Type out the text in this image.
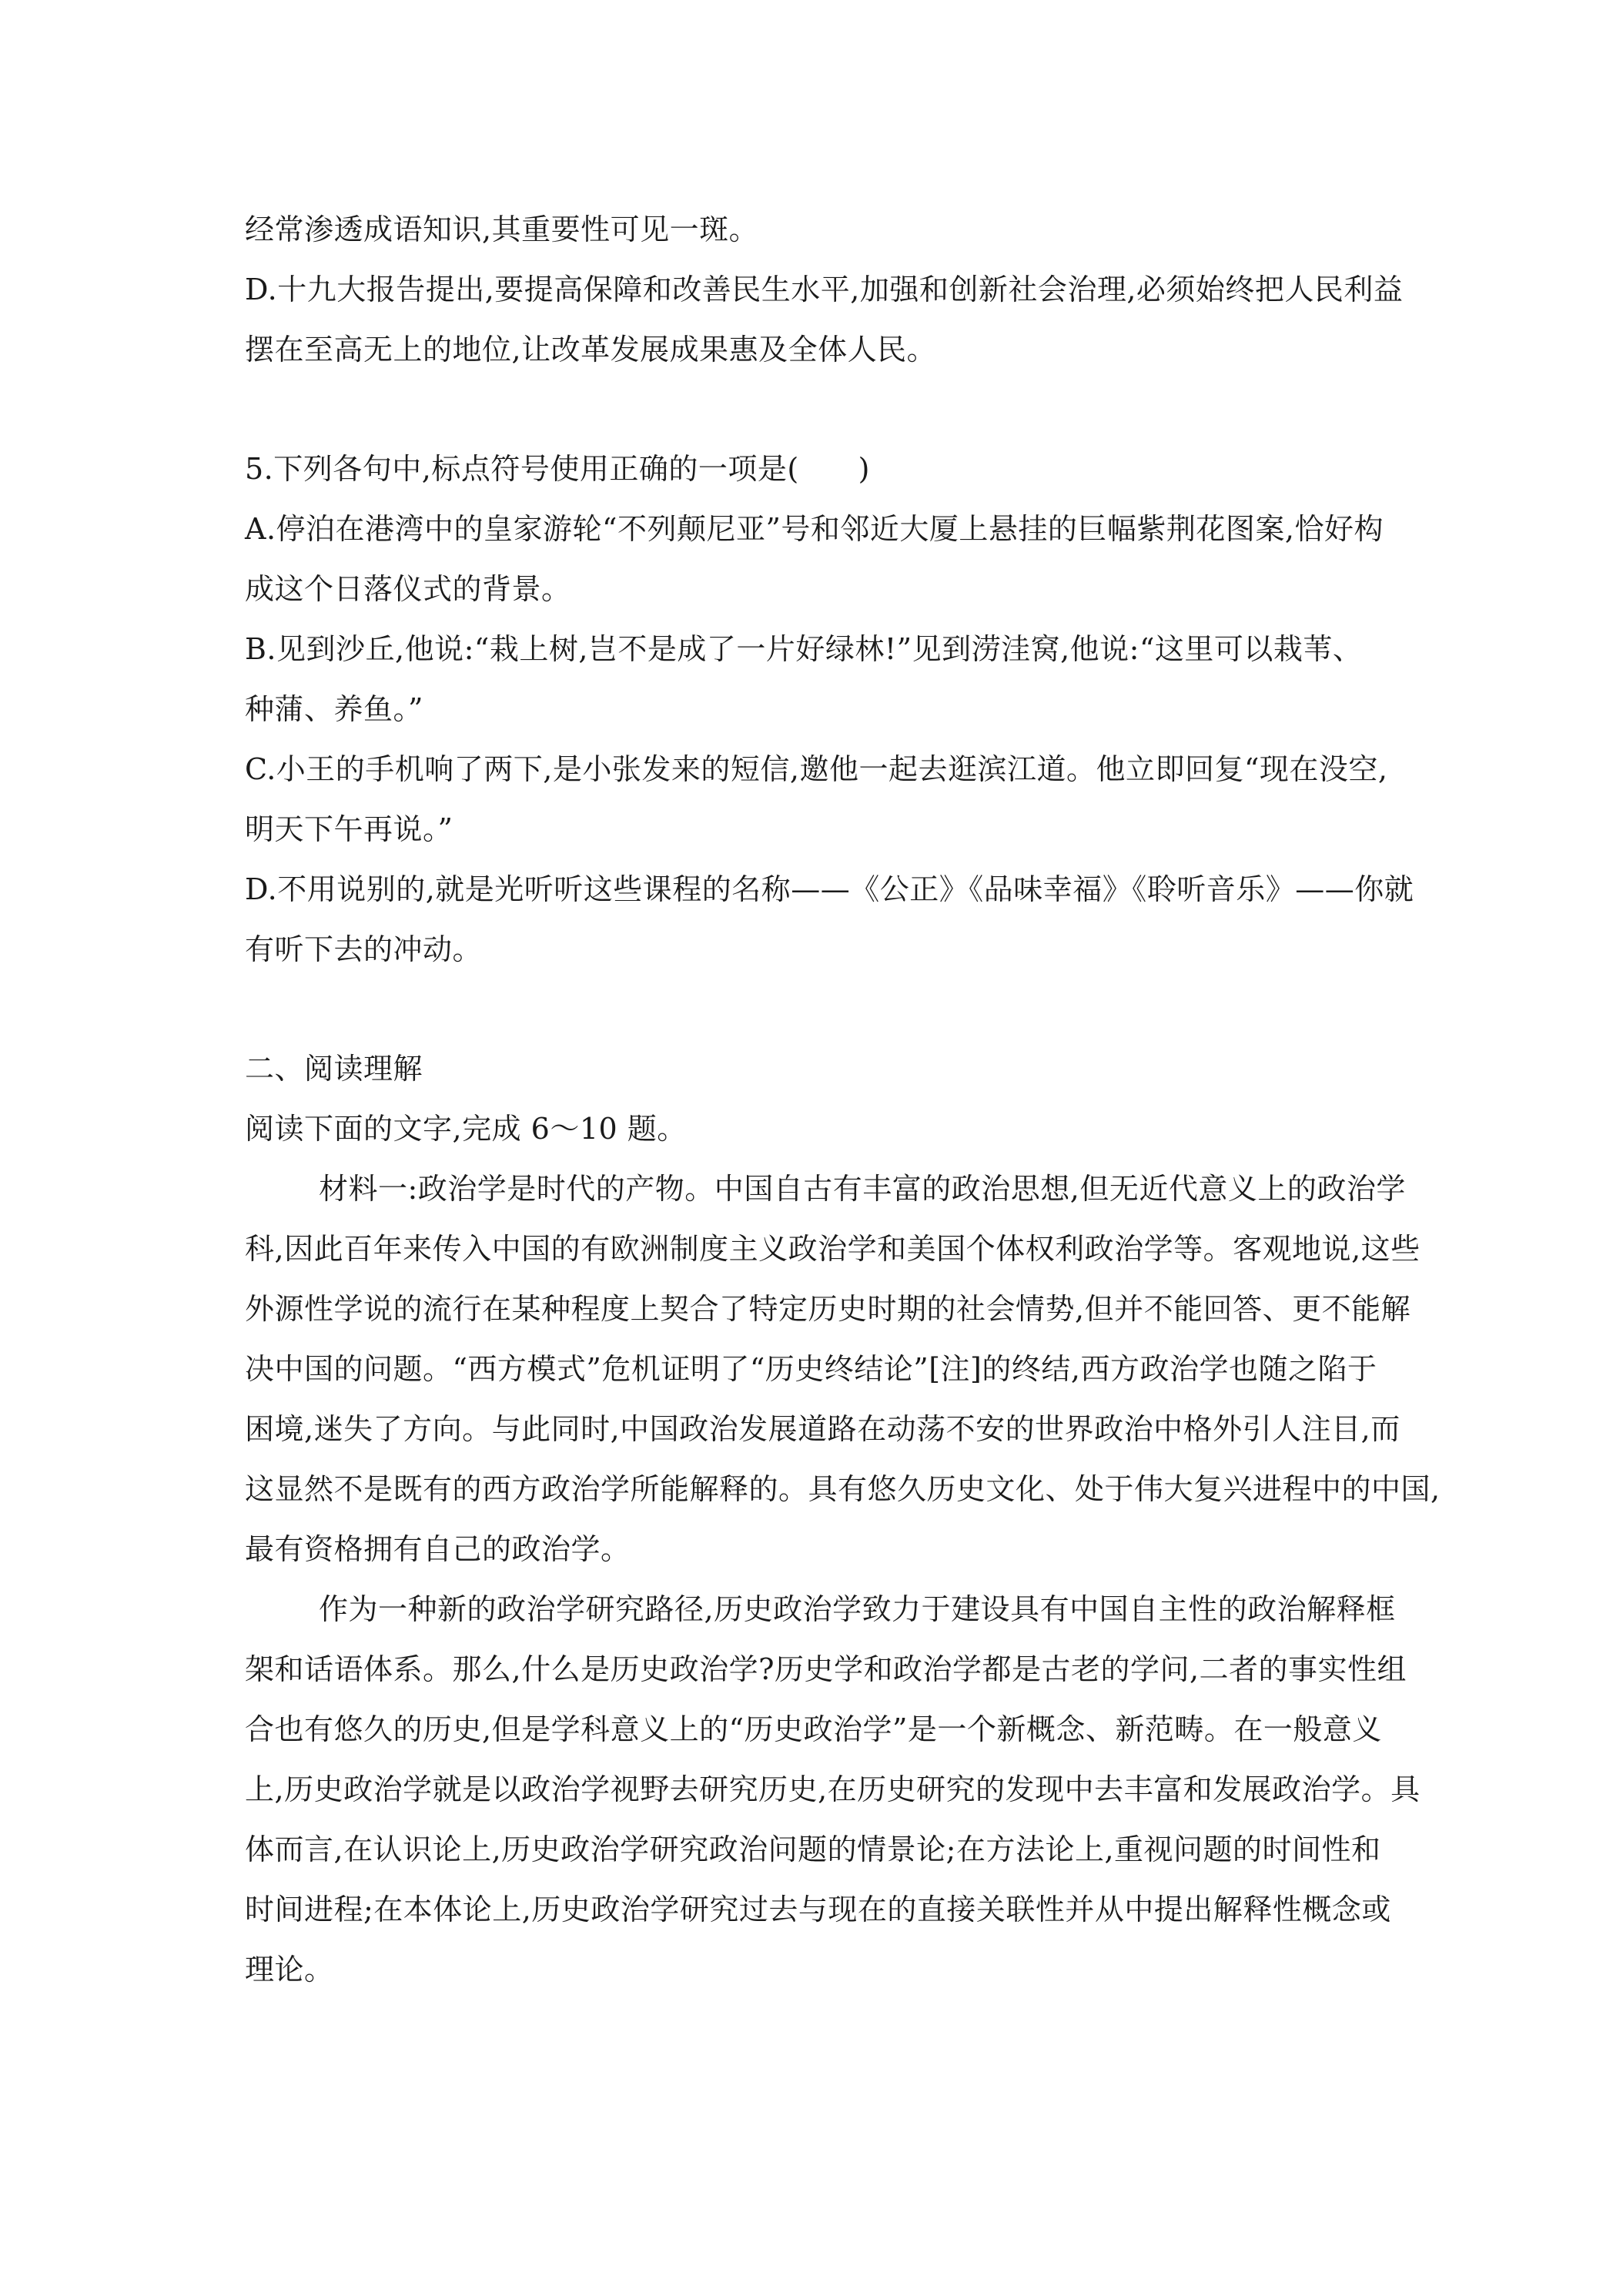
经常渗透成语知识,其重要性可见一斑。
D.十九大报告提出,要提高保障和改善民生水平,加强和创新社会治理,必须始终把人民利益
摆在至高无上的地位,让改革发展成果惠及全体人民。
5.下列各句中,标点符号使用正确的一项是(　　)
A.停泊在港湾中的皇家游轮“不列颠尼亚”号和邻近大厦上悬挂的巨幅紫荆花图案,恰好构
成这个日落仪式的背景。
B.见到沙丘,他说:“栽上树,岂不是成了一片好绿林!”见到涝洼窝,他说:“这里可以栽苇、
种蒲、养鱼。”
C.小王的手机响了两下,是小张发来的短信,邀他一起去逛滨江道。他立即回复“现在没空,
明天下午再说。”
D.不用说别的,就是光听听这些课程的名称——《公正》《品味幸福》《聆听音乐》——你就
有听下去的冲动。
二、阅读理解
阅读下面的文字,完成 6～10 题。
材料一:政治学是时代的产物。中国自古有丰富的政治思想,但无近代意义上的政治学
科,因此百年来传入中国的有欧洲制度主义政治学和美国个体权利政治学等。客观地说,这些
外源性学说的流行在某种程度上契合了特定历史时期的社会情势,但并不能回答、更不能解
决中国的问题。“西方模式”危机证明了“历史终结论”[注]的终结,西方政治学也随之陷于
困境,迷失了方向。与此同时,中国政治发展道路在动荡不安的世界政治中格外引人注目,而
这显然不是既有的西方政治学所能解释的。具有悠久历史文化、处于伟大复兴进程中的中国,
最有资格拥有自己的政治学。
作为一种新的政治学研究路径,历史政治学致力于建设具有中国自主性的政治解释框
架和话语体系。那么,什么是历史政治学?历史学和政治学都是古老的学问,二者的事实性组
合也有悠久的历史,但是学科意义上的“历史政治学”是一个新概念、新范畴。在一般意义
上,历史政治学就是以政治学视野去研究历史,在历史研究的发现中去丰富和发展政治学。具
体而言,在认识论上,历史政治学研究政治问题的情景论;在方法论上,重视问题的时间性和
时间进程;在本体论上,历史政治学研究过去与现在的直接关联性并从中提出解释性概念或
理论。
